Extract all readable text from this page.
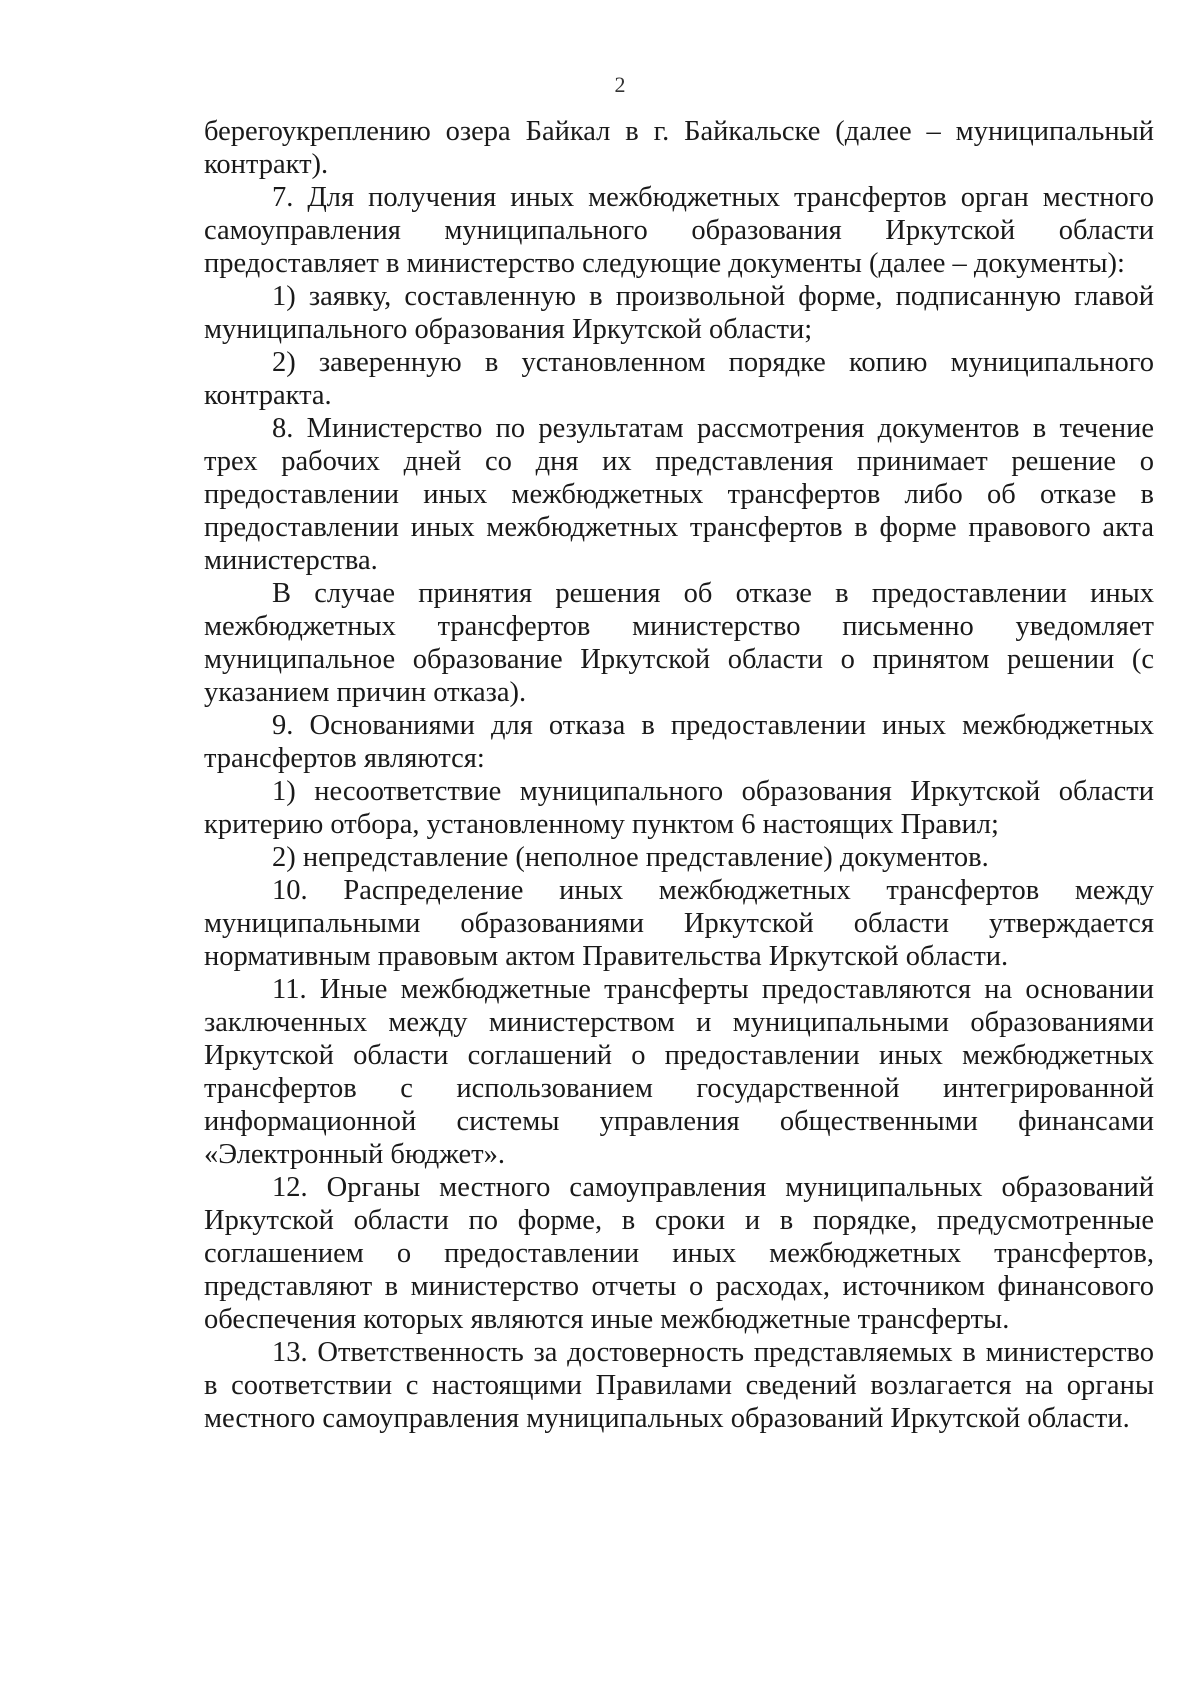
2

берегоукреплению озера Байкал в г. Байкальске (далее – муниципальный контракт).

7. Для получения иных межбюджетных трансфертов орган местного самоуправления муниципального образования Иркутской области предоставляет в министерство следующие документы (далее – документы):

1) заявку, составленную в произвольной форме, подписанную главой муниципального образования Иркутской области;

2) заверенную в установленном порядке копию муниципального контракта.

8. Министерство по результатам рассмотрения документов в течение трех рабочих дней со дня их представления принимает решение о предоставлении иных межбюджетных трансфертов либо об отказе в предоставлении иных межбюджетных трансфертов в форме правового акта министерства.

В случае принятия решения об отказе в предоставлении иных межбюджетных трансфертов министерство письменно уведомляет муниципальное образование Иркутской области о принятом решении (с указанием причин отказа).

9. Основаниями для отказа в предоставлении иных межбюджетных трансфертов являются:

1) несоответствие муниципального образования Иркутской области критерию отбора, установленному пунктом 6 настоящих Правил;

2) непредставление (неполное представление) документов.

10. Распределение иных межбюджетных трансфертов между муниципальными образованиями Иркутской области утверждается нормативным правовым актом Правительства Иркутской области.

11. Иные межбюджетные трансферты предоставляются на основании заключенных между министерством и муниципальными образованиями Иркутской области соглашений о предоставлении иных межбюджетных трансфертов с использованием государственной интегрированной информационной системы управления общественными финансами «Электронный бюджет».

12. Органы местного самоуправления муниципальных образований Иркутской области по форме, в сроки и в порядке, предусмотренные соглашением о предоставлении иных межбюджетных трансфертов, представляют в министерство отчеты о расходах, источником финансового обеспечения которых являются иные межбюджетные трансферты.

13. Ответственность за достоверность представляемых в министерство в соответствии с настоящими Правилами сведений возлагается на органы местного самоуправления муниципальных образований Иркутской области.
